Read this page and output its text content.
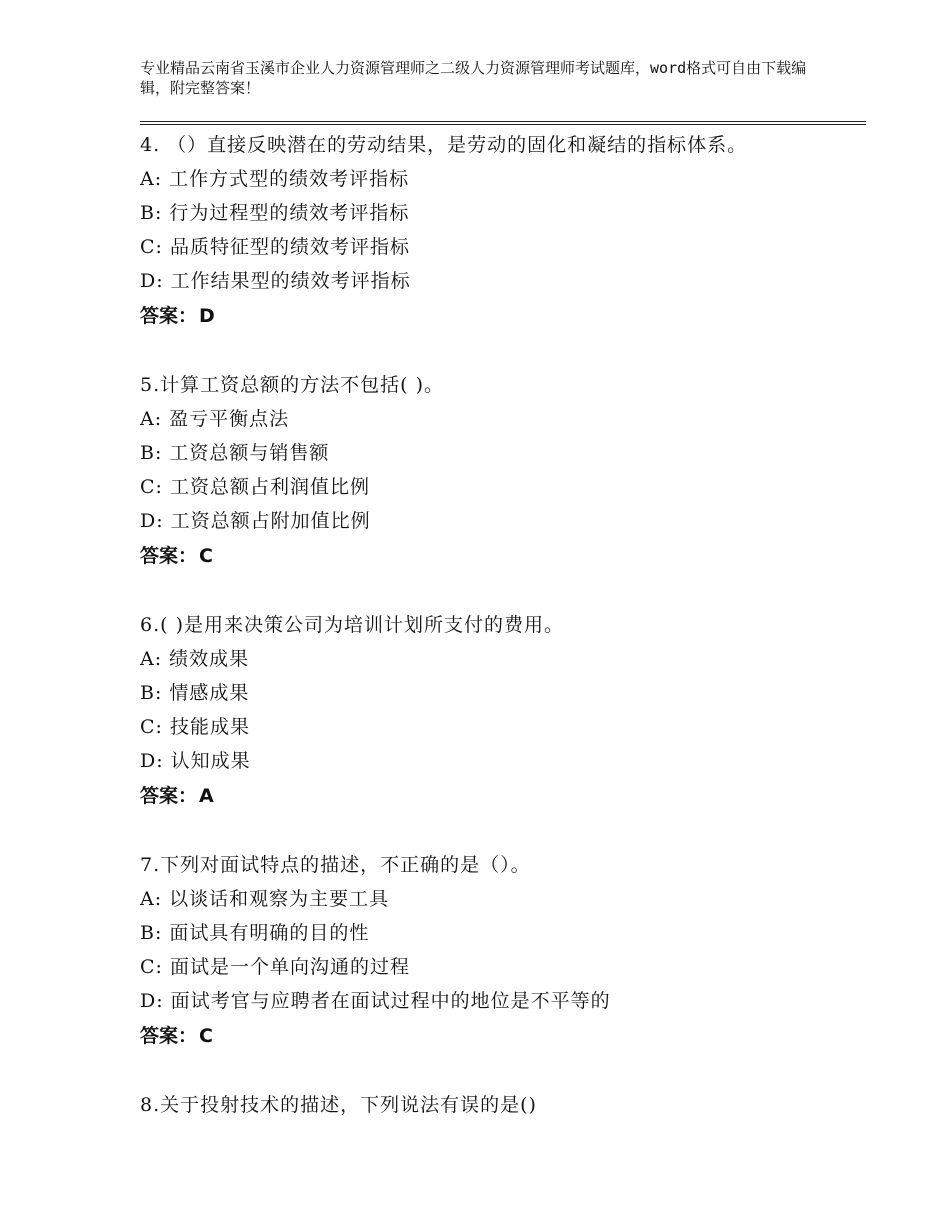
专业精品云南省玉溪市企业人力资源管理师之二级人力资源管理师考试题库，word格式可自由下载编辑，附完整答案！
4. （）直接反映潜在的劳动结果，是劳动的固化和凝结的指标体系。
A: 工作方式型的绩效考评指标
B: 行为过程型的绩效考评指标
C: 品质特征型的绩效考评指标
D: 工作结果型的绩效考评指标
答案： D
5.计算工资总额的方法不包括( )。
A: 盈亏平衡点法
B: 工资总额与销售额
C: 工资总额占利润值比例
D: 工资总额占附加值比例
答案： C
6.( )是用来决策公司为培训计划所支付的费用。
A: 绩效成果
B: 情感成果
C: 技能成果
D: 认知成果
答案： A
7.下列对面试特点的描述，不正确的是（）。
A: 以谈话和观察为主要工具
B: 面试具有明确的目的性
C: 面试是一个单向沟通的过程
D: 面试考官与应聘者在面试过程中的地位是不平等的
答案： C
8.关于投射技术的描述，下列说法有误的是()
